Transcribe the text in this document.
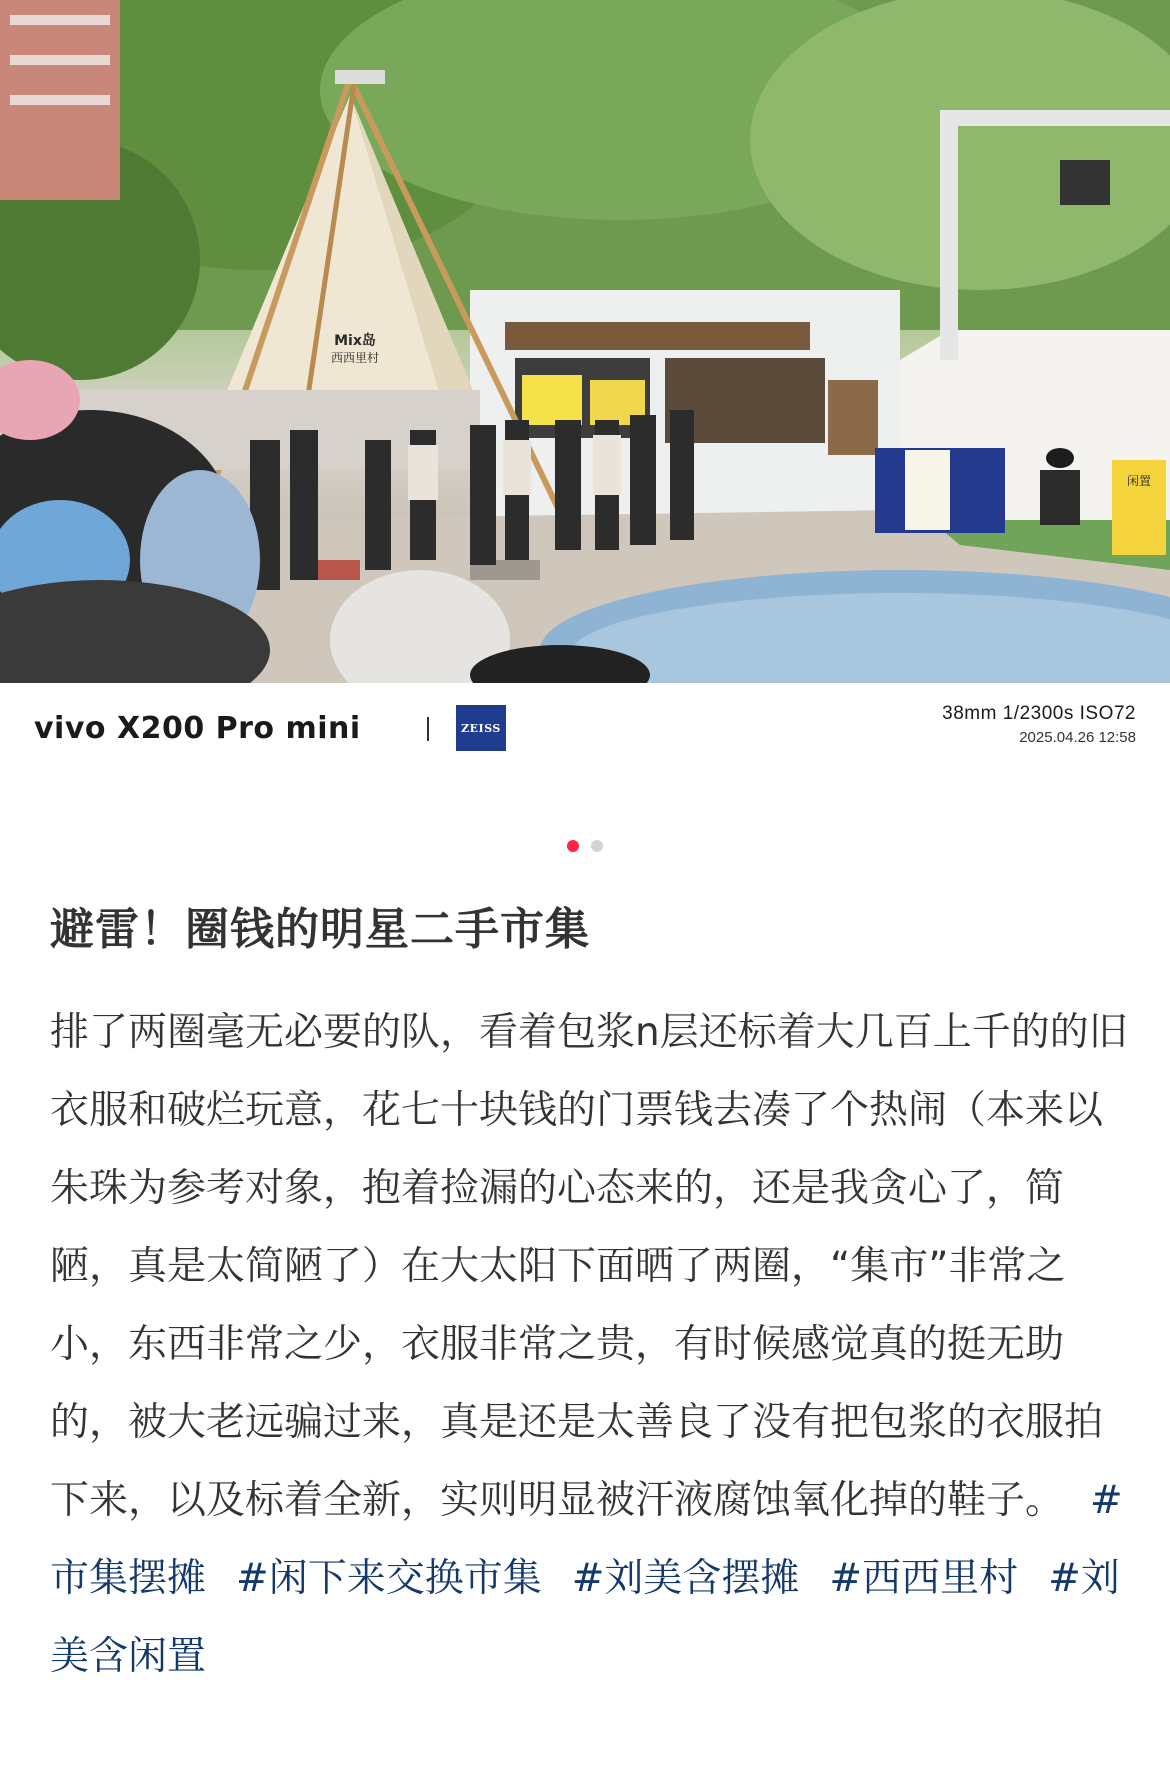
Mix岛
西西里村
闲置
vivo X200 Pro mini	ZEISS
38mm 1/2300s ISO72
2025.04.26 12:58
避雷！圈钱的明星二手市集
排了两圈毫无必要的队，看着包浆n层还标着大几百上千的的旧衣服和破烂玩意，花七十块钱的门票钱去凑了个热闹（本来以朱珠为参考对象，抱着捡漏的心态来的，还是我贪心了，简陋，真是太简陋了）在大太阳下面晒了两圈，“集市”非常之小，东西非常之少，衣服非常之贵，有时候感觉真的挺无助的，被大老远骗过来，真是还是太善良了没有把包浆的衣服拍下来，以及标着全新，实则明显被汗液腐蚀氧化掉的鞋子。 #市集摆摊 #闲下来交换市集 #刘美含摆摊 #西西里村 #刘美含闲置
